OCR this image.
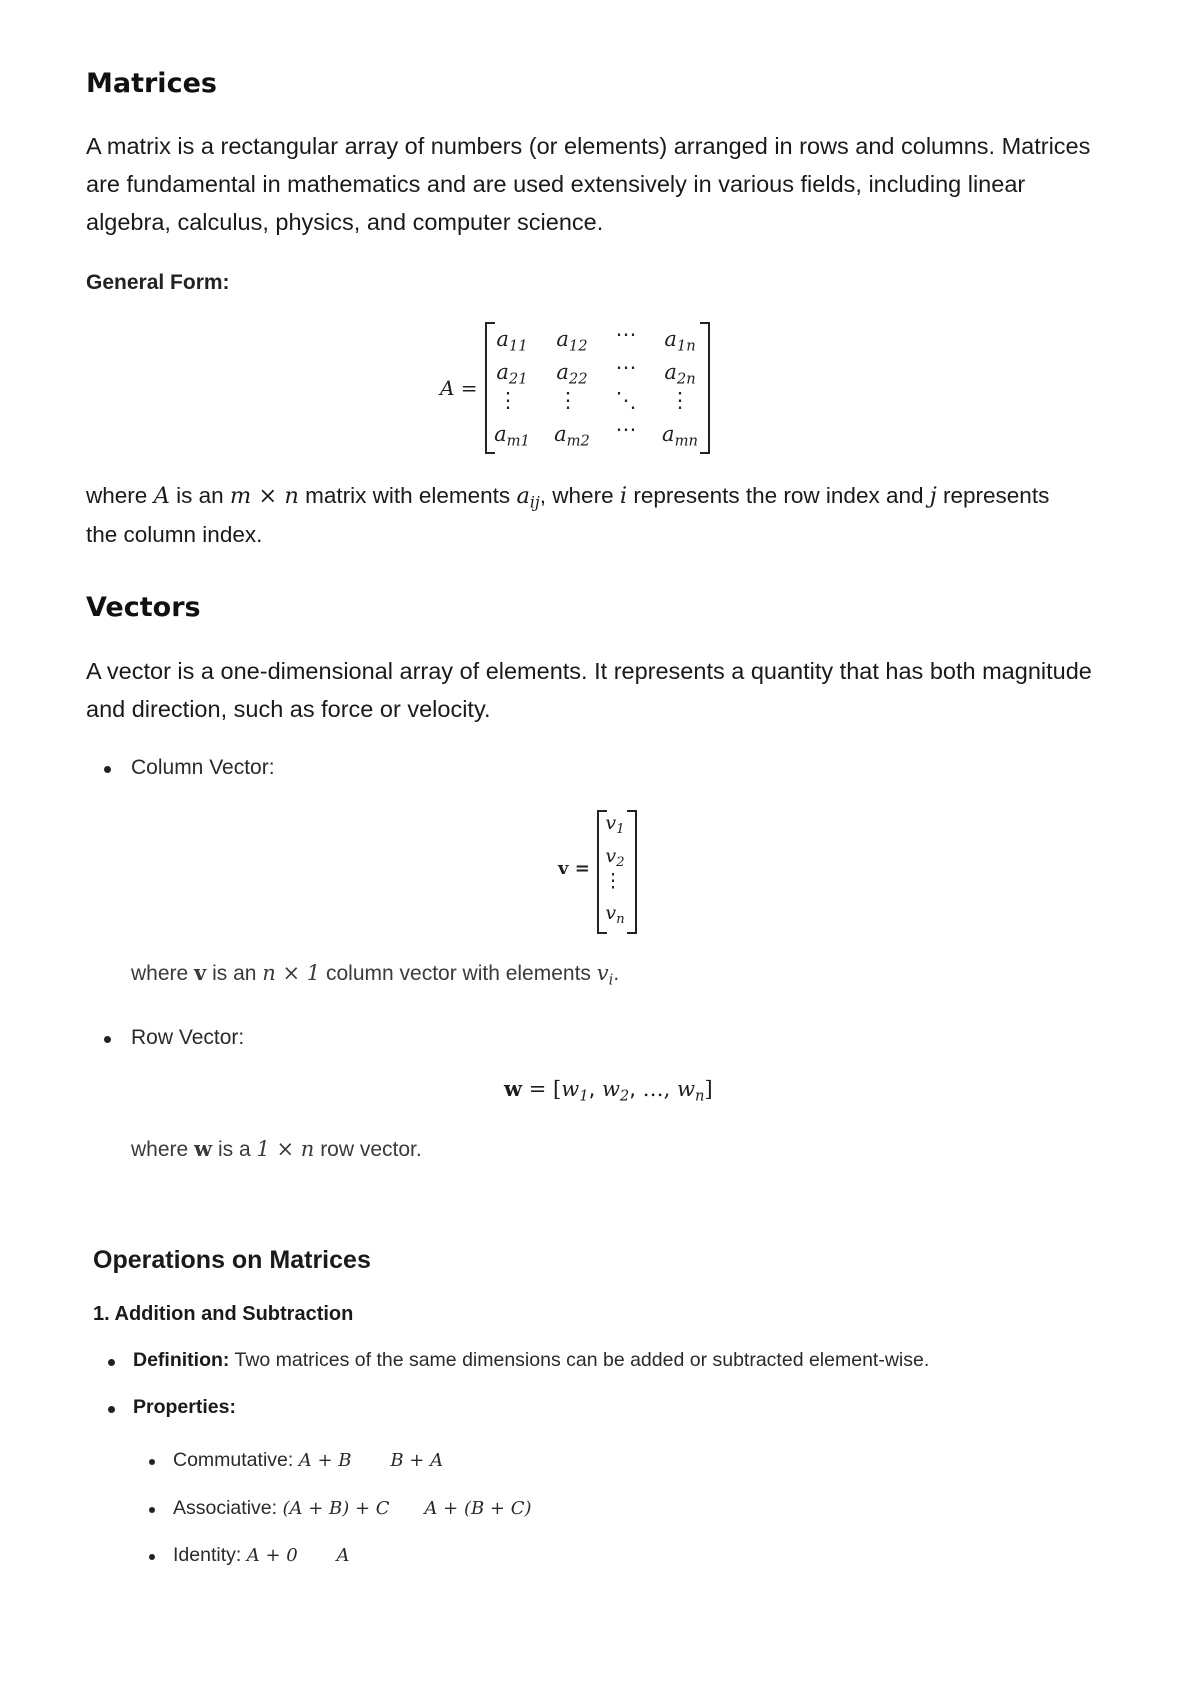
Matrices
A matrix is a rectangular array of numbers (or elements) arranged in rows and columns. Matrices are fundamental in mathematics and are used extensively in various fields, including linear algebra, calculus, physics, and computer science.
General Form:
A =
$a_{11}$	$a_{12}$	⋯	$a_{1n}$
$a_{21}$	$a_{22}$	⋯	$a_{2n}$
⋮	⋮	⋱	⋮
$a_{m1}$	$a_{m2}$	⋯	$a_{mn}$
where A is an m × n matrix with elements $a_{ij}$, where i represents the row index and j represents
the column index.
Vectors
A vector is a one-dimensional array of elements. It represents a quantity that has both magnitude and direction, such as force or velocity.
Column Vector:
v =
$v_1$
$v_2$
⋮
$v_n$
where v is an n × 1 column vector with elements $v_i$.
Row Vector:
$w = [w_1$, $w_2$, …, $w_n$]
where w is a 1 × n row vector.
Operations on Matrices
1. Addition and Subtraction
Definition: Two matrices of the same dimensions can be added or subtracted element-wise.
Properties:
Commutative: A + B B + A
Associative: (A + B) + C A + (B + C)
Identity: A + 0 A
